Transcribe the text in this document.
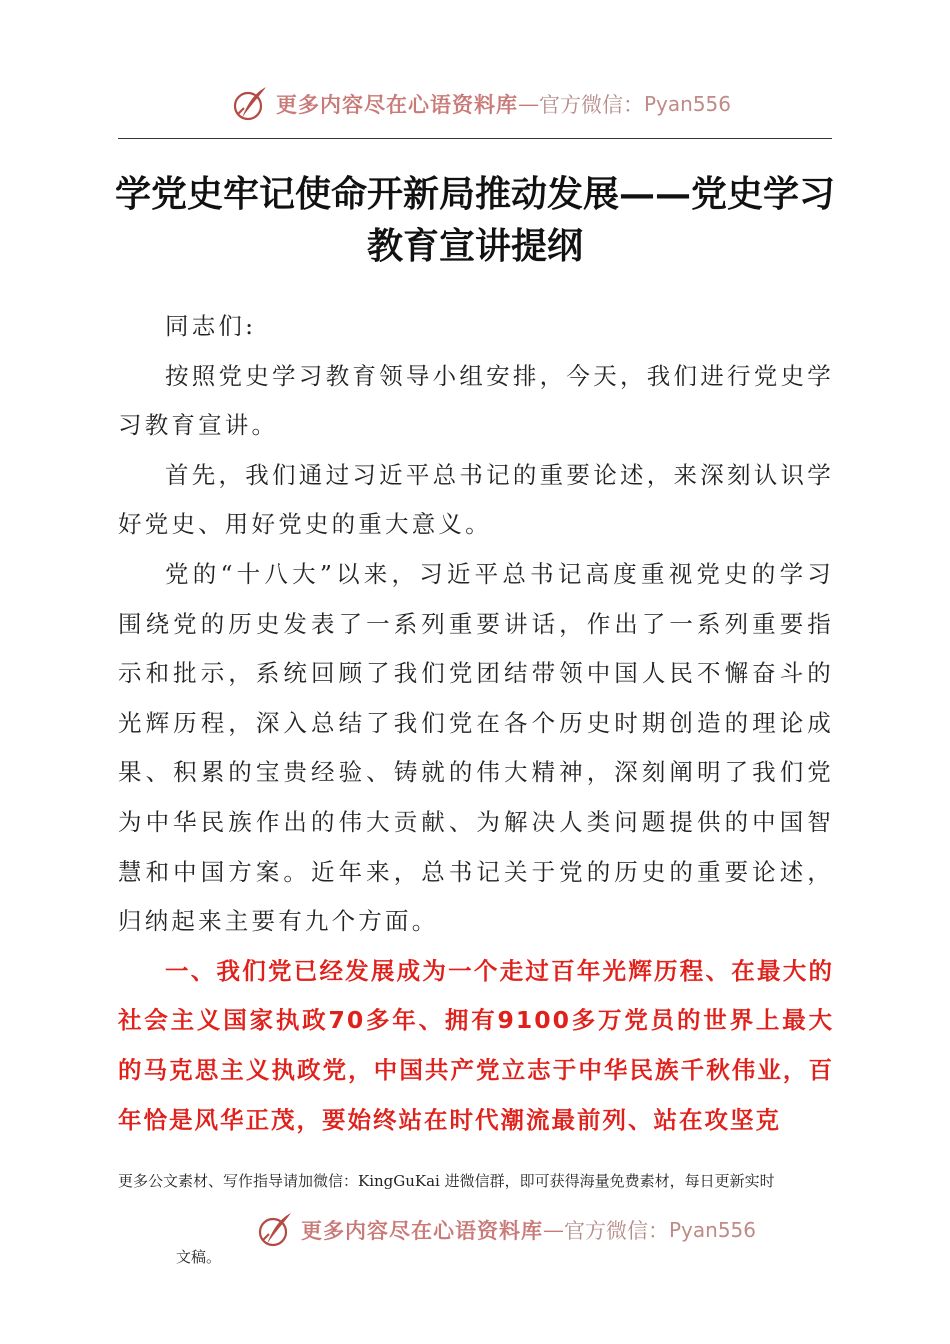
更多内容尽在心语资料库 — 官方微信： Pyan556
学党史牢记使命开新局推动发展——党史学习教育宣讲提纲

同志们:

按照党史学习教育领导小组安排，今天，我们进行党史学习教育宣讲。

首先，我们通过习近平总书记的重要论述，来深刻认识学好党史、用好党史的重大意义。

党的“十八大”以来，习近平总书记高度重视党史的学习围绕党的历史发表了一系列重要讲话，作出了一系列重要指示和批示，系统回顾了我们党团结带领中国人民不懈奋斗的光辉历程，深入总结了我们党在各个历史时期创造的理论成果、积累的宝贵经验、铸就的伟大精神，深刻阐明了我们党为中华民族作出的伟大贡献、为解决人类问题提供的中国智慧和中国方案。近年来，总书记关于党的历史的重要论述，归纳起来主要有九个方面。

一、我们党已经发展成为一个走过百年光辉历程、在最大的社会主义国家执政70多年、拥有9100多万党员的世界上最大的马克思主义执政党，中国共产党立志于中华民族千秋伟业，百年恰是风华正茂，要始终站在时代潮流最前列、站在攻坚克

更多公文素材、写作指导请加微信：KingGuKai 进微信群，即可获得海量免费素材，每日更新实时
更多内容尽在心语资料库 — 官方微信： Pyan556
文稿。
